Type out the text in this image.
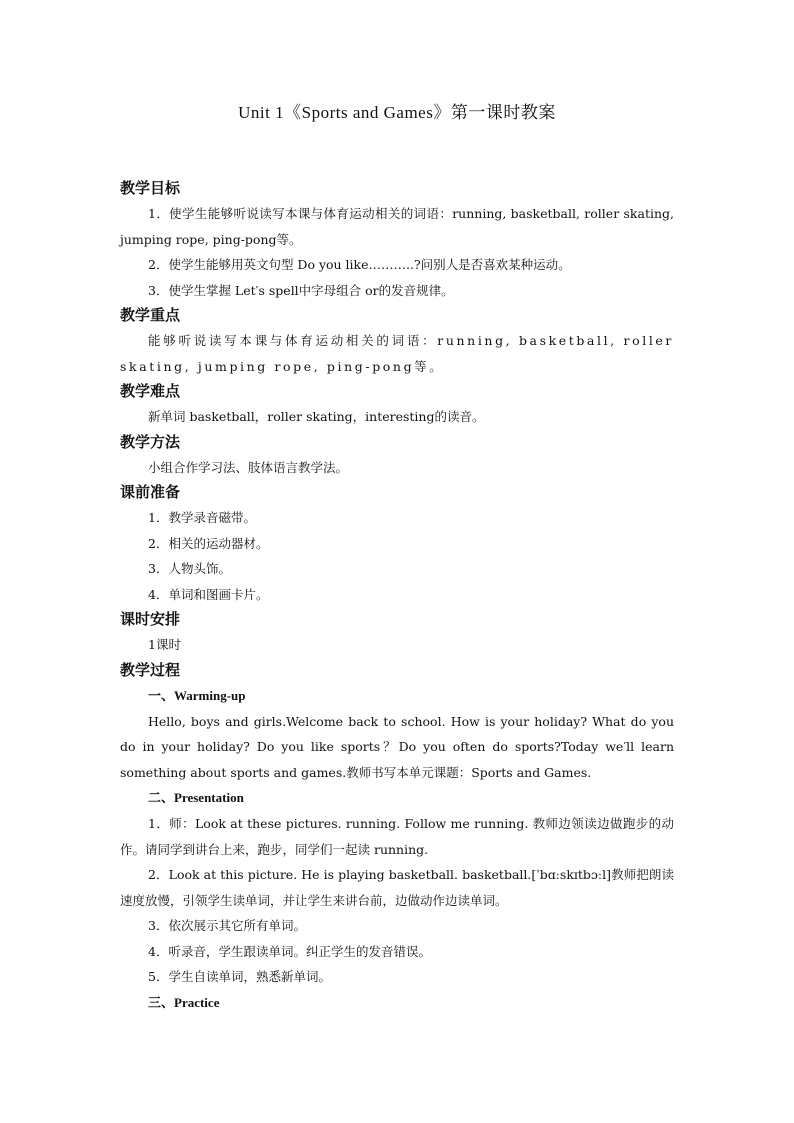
Unit 1《Sports and Games》第一课时教案

教学目标

1．使学生能够听说读写本课与体育运动相关的词语：running, basketball, roller skating, jumping rope, ping-pong等。

2．使学生能够用英文句型 Do you like………..?问别人是否喜欢某种运动。

3．使学生掌握 Let′s spell中字母组合 or的发音规律。

教学重点

能够听说读写本课与体育运动相关的词语：running, basketball, roller skating, jumping rope, ping-pong等。

教学难点

新单词 basketball，roller skating，interesting的读音。

教学方法

小组合作学习法、肢体语言教学法。

课前准备

1．教学录音磁带。

2．相关的运动器材。

3．人物头饰。

4．单词和图画卡片。

课时安排

1课时

教学过程

一、Warming-up

Hello, boys and girls.Welcome back to school. How is your holiday? What do you do in your holiday? Do you like sports？Do you often do sports?Today we′ll learn something about sports and games.教师书写本单元课题：Sports and Games.

二、Presentation

1．师：Look at these pictures. running. Follow me running. 教师边领读边做跑步的动作。请同学到讲台上来，跑步，同学们一起读 running.

2．Look at this picture. He is playing basketball. basketball.[ˈbɑːskɪtbɔːl]教师把朗读速度放慢，引领学生读单词，并让学生来讲台前，边做动作边读单词。

3．依次展示其它所有单词。

4．听录音，学生跟读单词。纠正学生的发音错误。

5．学生自读单词，熟悉新单词。

三、Practice
